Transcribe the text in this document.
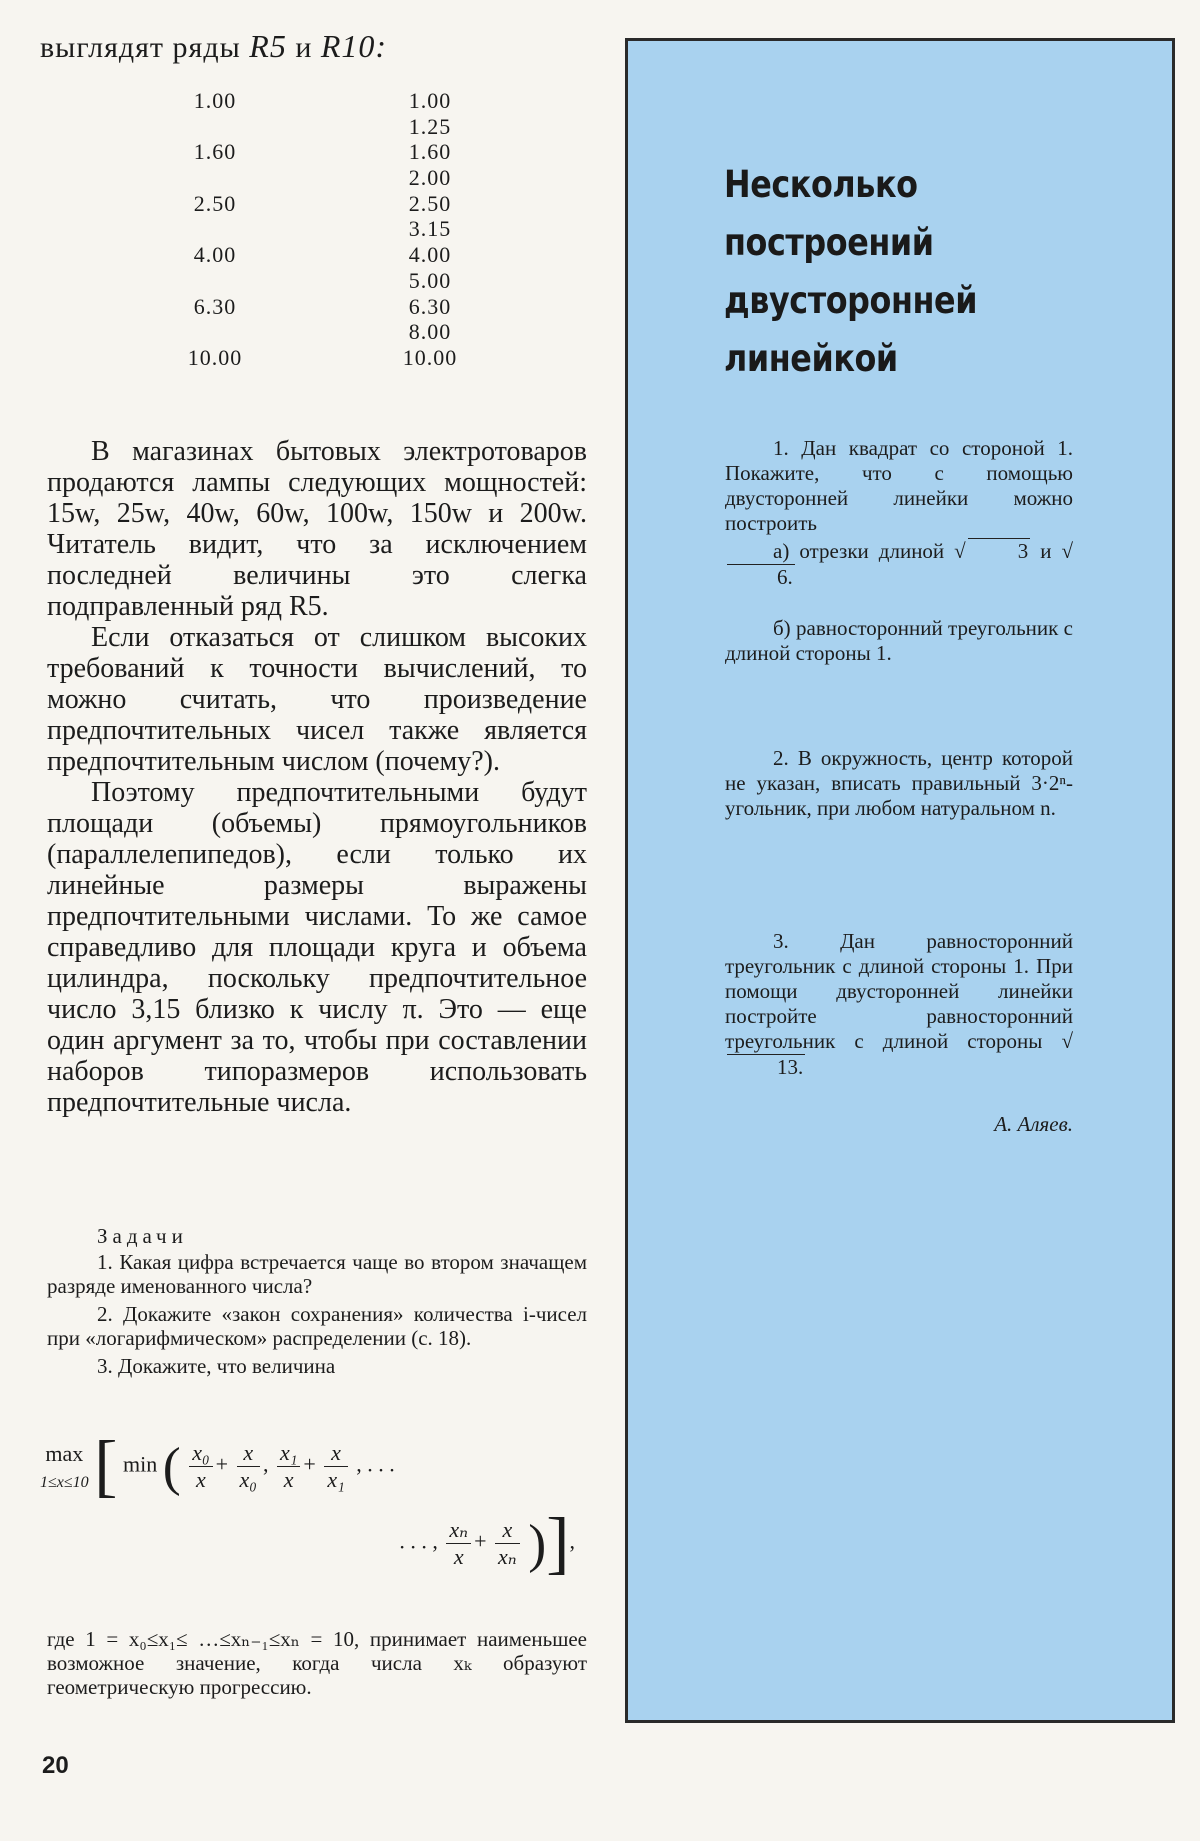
выглядят ряды R5 и R10:
1.00
1.60
2.50
4.00
6.30
10.00
1.00
1.25
1.60
2.00
2.50
3.15
4.00
5.00
6.30
8.00
10.00

В магазинах бытовых электротоваров продаются лампы следующих мощностей: 15w, 25w, 40w, 60w, 100w, 150w и 200w. Читатель видит, что за исключением последней величины это слегка подправленный ряд R5.

Если отказаться от слишком высоких требований к точности вычислений, то можно считать, что произведение предпочтительных чисел также является предпочтительным числом (почему?).

Поэтому предпочтительными будут площади (объемы) прямоугольников (параллелепипедов), если только их линейные размеры выражены предпочтительными числами. То же самое справедливо для площади круга и объема цилиндра, поскольку предпочтительное число 3,15 близко к числу π. Это — еще один аргумент за то, чтобы при составлении наборов типоразмеров использовать предпочтительные числа.

Задачи

1. Какая цифра встречается чаще во втором значащем разряде именованного числа?

2. Докажите «закон сохранения» количества i-чисел при «логарифмическом» распределении (с. 18).

3. Докажите, что величина

max
1≤x≤10 [ min ( $\frac{\text{x₀}}{x} + \frac{x}{\text{x₀}}$ , $\frac{\text{x₁}}{x} + \frac{x}{\text{x₁}}$ , . . .
. . . , $\frac{\text{xₙ}}{x} + \frac{x}{\text{xₙ}}$ )],

где 1 = x₀≤x₁≤ …≤xₙ₋₁≤xₙ = 10, принимает наименьшее возможное значение, когда числа xₖ образуют геометрическую прогрессию.

20
Несколько
построений
двусторонней
линейкой

1. Дан квадрат со стороной 1. Покажите, что с помощью двусторонней линейки можно построить

а) отрезки длиной √ 3 и √6.

б) равносторонний треугольник с длиной стороны 1.

2. В окружность, центр которой не указан, вписать правильный 3·2ⁿ-угольник, при любом натуральном n.

3. Дан равносторонний треугольник с длиной стороны 1. При помощи двусторонней линейки постройте равносторонний треугольник с длиной стороны √13.

А. Аляев.
